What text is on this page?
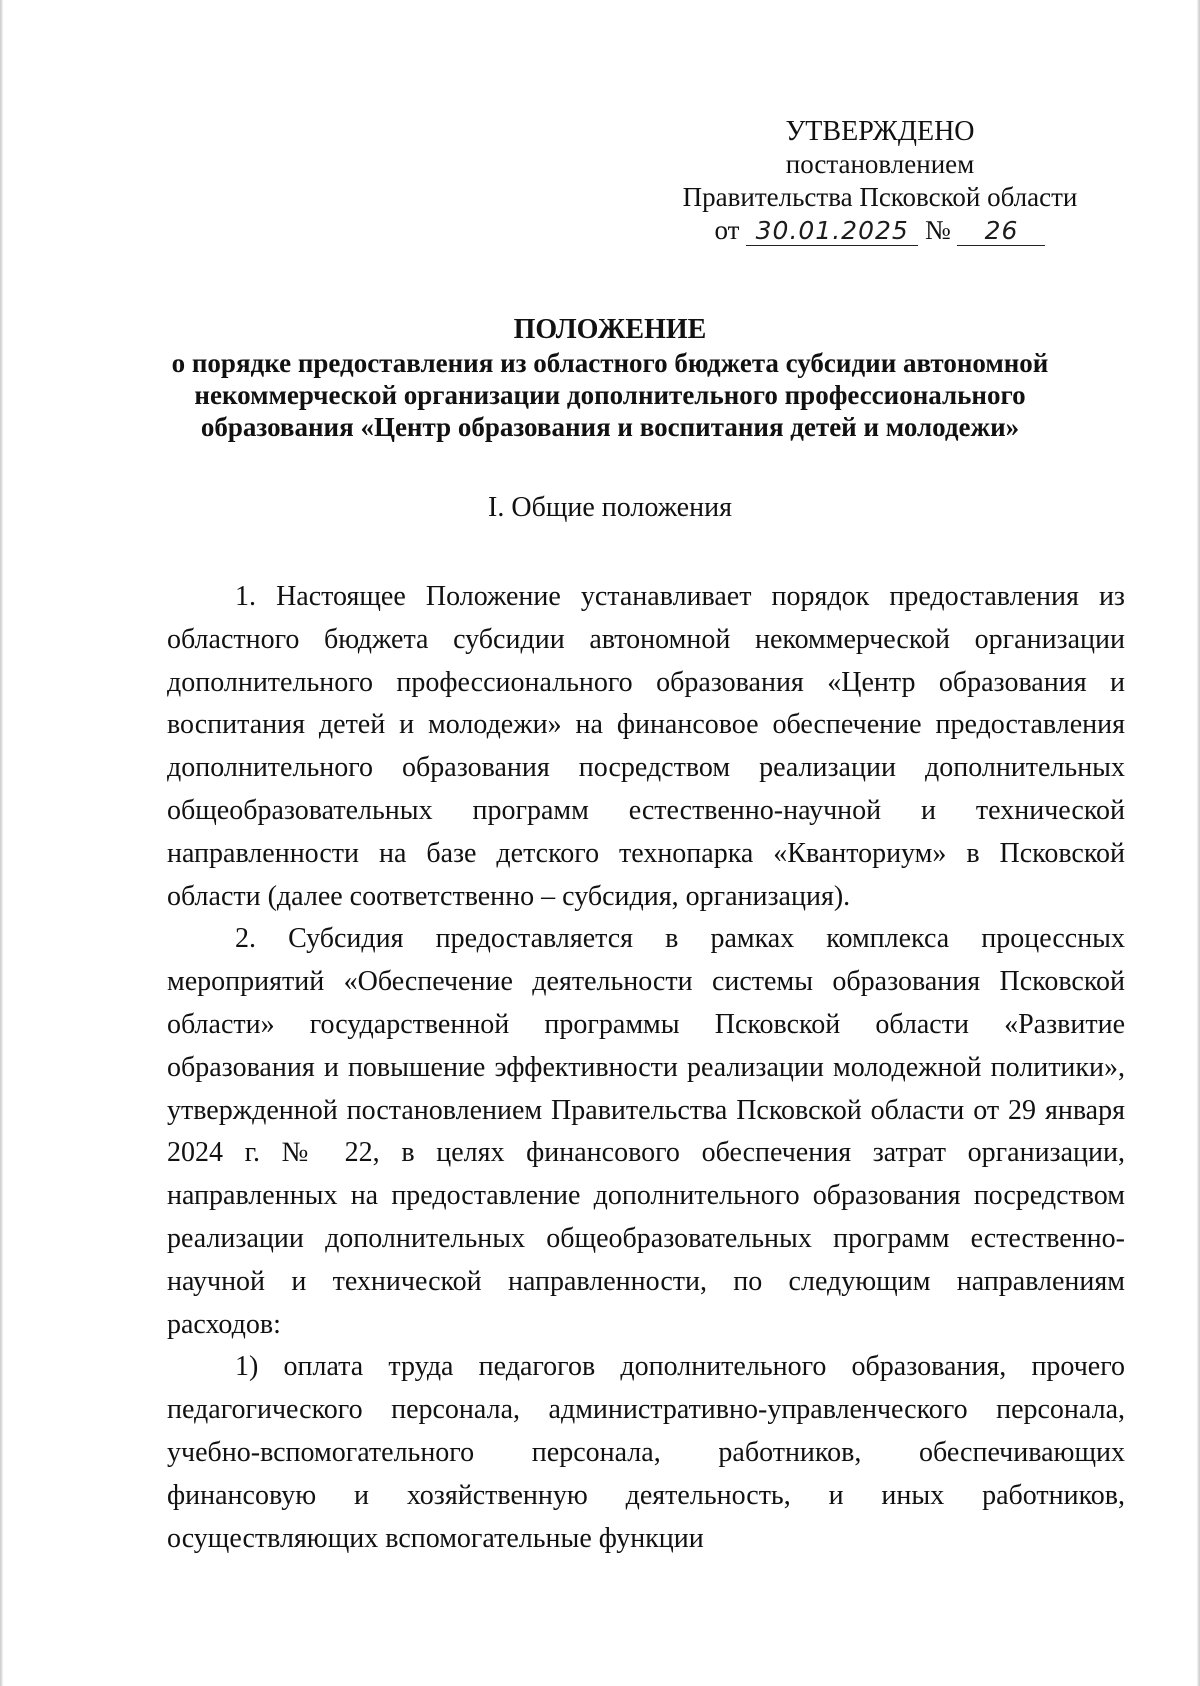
УТВЕРЖДЕНО
постановлением
Правительства Псковской области
от 30.01.2025 № 26
ПОЛОЖЕНИЕ
о порядке предоставления из областного бюджета субсидии автономной некоммерческой организации дополнительного профессионального образования «Центр образования и воспитания детей и молодежи»
I. Общие положения

1. Настоящее Положение устанавливает порядок предоставления из областного бюджета субсидии автономной некоммерческой организации дополнительного профессионального образования «Центр образования и воспитания детей и молодежи» на финансовое обеспечение предоставления дополнительного образования посредством реализации дополнительных общеобразовательных программ естественно-научной и технической направленности на базе детского технопарка «Кванториум» в Псковской области (далее соответственно – субсидия, организация).

2. Субсидия предоставляется в рамках комплекса процессных мероприятий «Обеспечение деятельности системы образования Псковской области» государственной программы Псковской области «Развитие образования и повышение эффективности реализации молодежной политики», утвержденной постановлением Правительства Псковской области от 29 января 2024 г. № 22, в целях финансового обеспечения затрат организации, направленных на предоставление дополнительного образования посредством реализации дополнительных общеобразовательных программ естественно-научной и технической направленности, по следующим направлениям расходов:

1) оплата труда педагогов дополнительного образования, прочего педагогического персонала, административно-управленческого персонала, учебно-вспомогательного персонала, работников, обеспечивающих финансовую и хозяйственную деятельность, и иных работников, осуществляющих вспомогательные функции
